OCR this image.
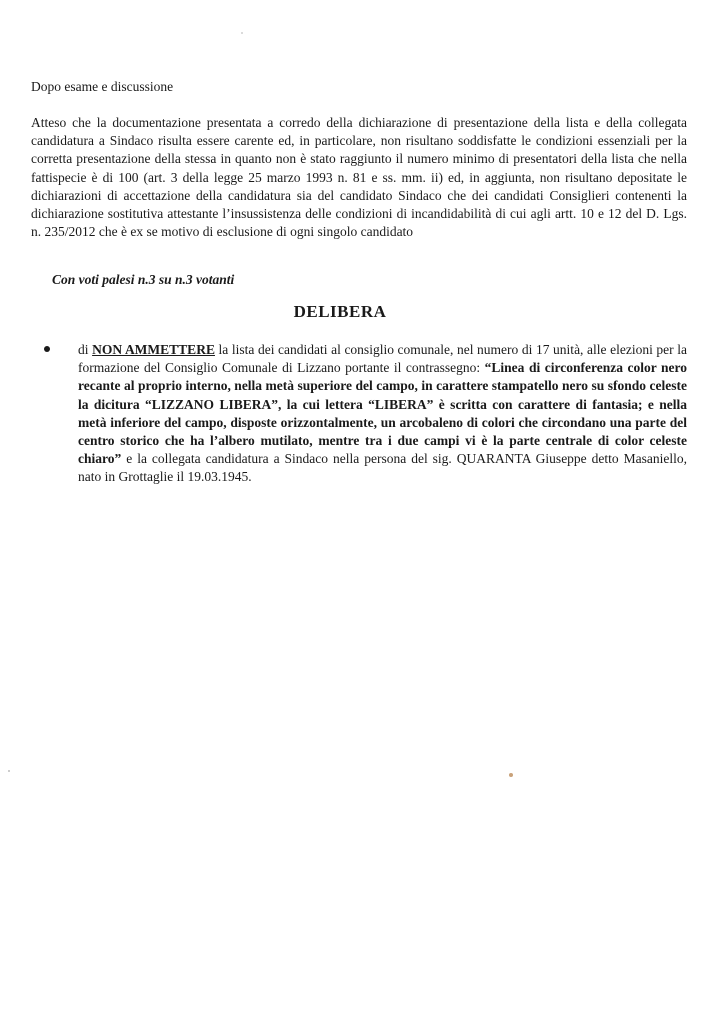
Dopo esame e discussione

Atteso che la documentazione presentata a corredo della dichiarazione di presentazione della lista e della collegata candidatura a Sindaco risulta essere carente ed, in particolare, non risultano soddisfatte le condizioni essenziali per la corretta presentazione della stessa in quanto non è stato raggiunto il numero minimo di presentatori della lista che nella fattispecie è di 100 (art. 3 della legge 25 marzo 1993 n. 81 e ss. mm. ii) ed, in aggiunta, non risultano depositate le dichiarazioni di accettazione della candidatura sia del candidato Sindaco che dei candidati Consiglieri contenenti la dichiarazione sostitutiva attestante l’insussistenza delle condizioni di incandidabilità di cui agli artt. 10 e 12 del D. Lgs. n. 235/2012 che è ex se motivo di esclusione di ogni singolo candidato

Con voti palesi n.3 su n.3 votanti

DELIBERA

di NON AMMETTERE la lista dei candidati al consiglio comunale, nel numero di 17 unità, alle elezioni per la formazione del Consiglio Comunale di Lizzano portante il contrassegno: “Linea di circonferenza color nero recante al proprio interno, nella metà superiore del campo, in carattere stampatello nero su sfondo celeste la dicitura “LIZZANO LIBERA”, la cui lettera “LIBERA” è scritta con carattere di fantasia; e nella metà inferiore del campo, disposte orizzontalmente, un arcobaleno di colori che circondano una parte del centro storico che ha l’albero mutilato, mentre tra i due campi vi è la parte centrale di color celeste chiaro” e la collegata candidatura a Sindaco nella persona del sig. QUARANTA Giuseppe detto Masaniello, nato in Grottaglie il 19.03.1945.
